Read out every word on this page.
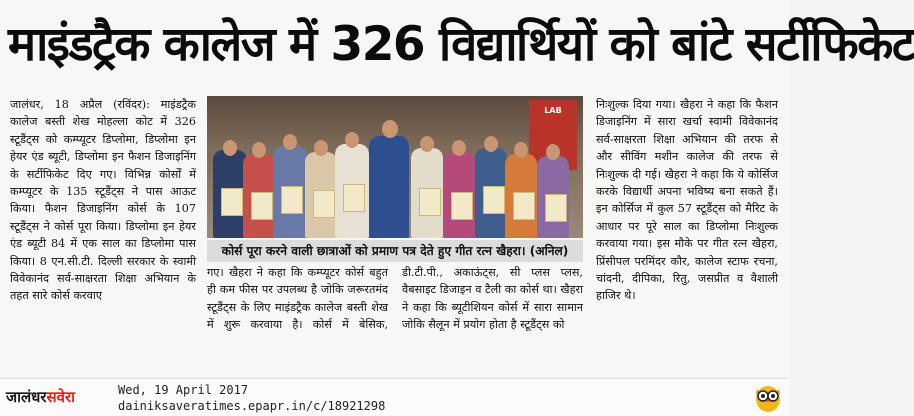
माइंडट्रैक कालेज में 326 विद्यार्थियों को बांटे सर्टीफिकेट

जालंधर, 18 अप्रैल (रविंदर): माइंडट्रैक कालेज बस्ती शेख मोहल्ला कोट में 326 स्टूडैंट्स को कम्प्यूटर डिप्लोमा, डिप्लोमा इन हेयर एंड ब्यूटी, डिप्लोमा इन फैशन डिजाइनिंग के सर्टीफिकेट दिए गए। विभिन्न कोर्सों में कम्प्यूटर के 135 स्टूडैंट्स ने पास आऊट किया। फैशन डिजाइनिंग कोर्स के 107 स्टूडैंट्स ने कोर्स पूरा किया। डिप्लोमा इन हेयर एंड ब्यूटी 84 में एक साल का डिप्लोमा पास किया। 8 एन.सी.टी. दिल्ली सरकार के स्वामी विवेकानंद सर्व-साक्षरता शिक्षा अभियान के तहत सारे कोर्स करवाए

LAB
कोर्स पूरा करने वाली छात्राओं को प्रमाण पत्र देते हुए गीत रत्न खैहरा। (अनिल)

गए। खैहरा ने कहा कि कम्प्यूटर कोर्स बहुत ही कम फीस पर उपलब्ध है जोकि जरूरतमंद स्टूडैंट्स के लिए माइंडट्रैक कालेज बस्ती शेख में शुरू करवाया है। कोर्स में बेसिक, डी.टी.पी., अकाऊंट्स, सी प्लस प्लस, वैबसाइट डिजाइन व टैली का कोर्स था। खैहरा ने कहा कि ब्यूटीशियन कोर्स में सारा सामान जोकि सैलून में प्रयोग होता है स्टूडैंट्स को

निःशुल्क दिया गया। खैहरा ने कहा कि फैशन डिजाइनिंग में सारा खर्चा स्वामी विवेकानंद सर्व-साक्षरता शिक्षा अभियान की तरफ से और सीविंग मशीन कालेज की तरफ से निःशुल्क दी गई। खैहरा ने कहा कि ये कोर्सिज करके विद्यार्थी अपना भविष्य बना सकते हैं। इन कोर्सिज में कुल 57 स्टूडैंट्स को मैरिट के आधार पर पूरे साल का डिप्लोमा निःशुल्क करवाया गया। इस मौके पर गीत रत्न खैहरा, प्रिंसीपल परमिंदर कौर, कालेज स्टाफ रचना, चांदनी, दीपिका, रितु, जसप्रीत व वैशाली हाजिर थे।

जालंधरसवेरा	Wed, 19 April 2017
dainiksaveratimes.epapr.in/c/18921298
